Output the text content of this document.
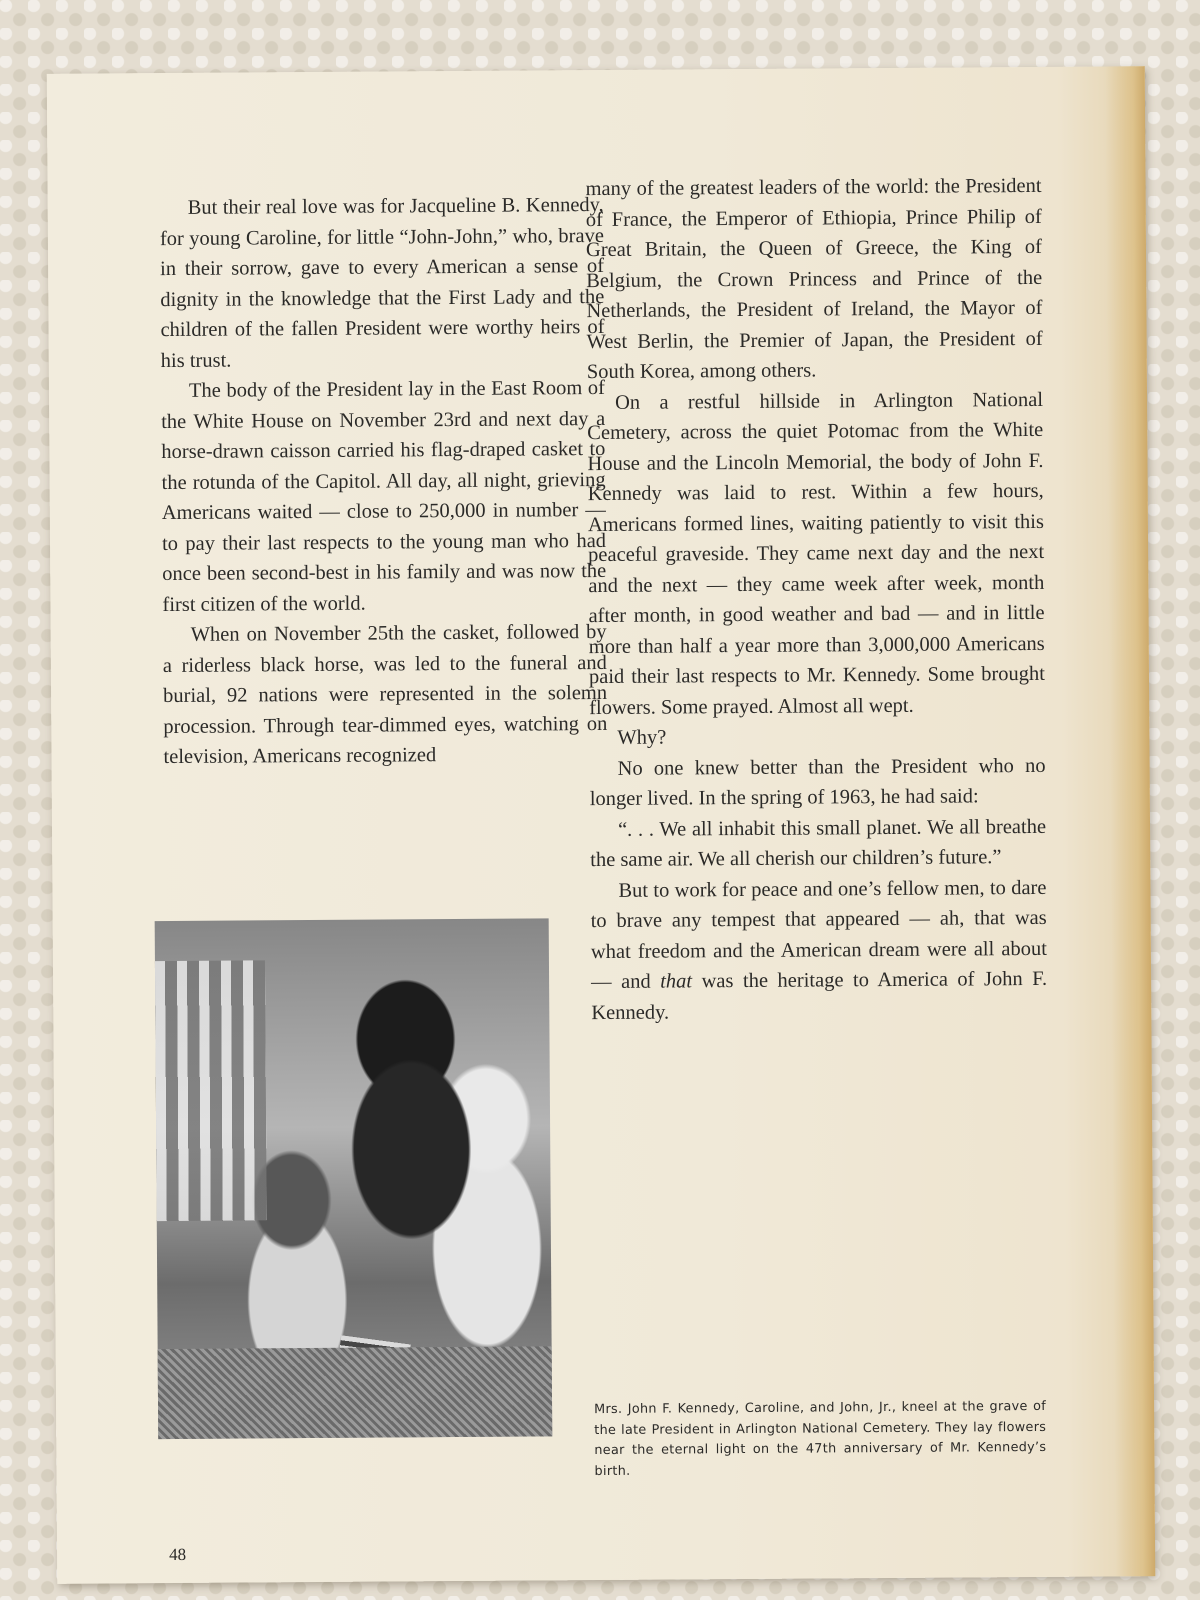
But their real love was for Jacqueline B. Kennedy, for young Caroline, for little “John-John,” who, brave in their sorrow, gave to every American a sense of dignity in the knowledge that the First Lady and the children of the fallen President were worthy heirs of his trust.

The body of the President lay in the East Room of the White House on November 23rd and next day a horse-drawn caisson carried his flag-draped casket to the rotunda of the Capitol. All day, all night, grieving Americans waited — close to 250,000 in number — to pay their last respects to the young man who had once been second-best in his family and was now the first citizen of the world.

When on November 25th the casket, followed by a riderless black horse, was led to the funeral and burial, 92 nations were represented in the solemn procession. Through tear-dimmed eyes, watching on television, Americans recognized

many of the greatest leaders of the world: the President of France, the Emperor of Ethiopia, Prince Philip of Great Britain, the Queen of Greece, the King of Belgium, the Crown Princess and Prince of the Netherlands, the President of Ireland, the Mayor of West Berlin, the Premier of Japan, the President of South Korea, among others.

On a restful hillside in Arlington National Cemetery, across the quiet Potomac from the White House and the Lincoln Memorial, the body of John F. Kennedy was laid to rest. Within a few hours, Americans formed lines, waiting patiently to visit this peaceful graveside. They came next day and the next and the next — they came week after week, month after month, in good weather and bad — and in little more than half a year more than 3,000,000 Americans paid their last respects to Mr. Kennedy. Some brought flowers. Some prayed. Almost all wept.

Why?

No one knew better than the President who no longer lived. In the spring of 1963, he had said:

“. . . We all inhabit this small planet. We all breathe the same air. We all cherish our children’s future.”

But to work for peace and one’s fellow men, to dare to brave any tempest that appeared — ah, that was what freedom and the American dream were all about — and that was the heritage to America of John F. Kennedy.

Mrs. John F. Kennedy, Caroline, and John, Jr., kneel at the grave of the late President in Arlington National Cemetery. They lay flowers near the eternal light on the 47th anniversary of Mr. Kennedy’s birth.
48
